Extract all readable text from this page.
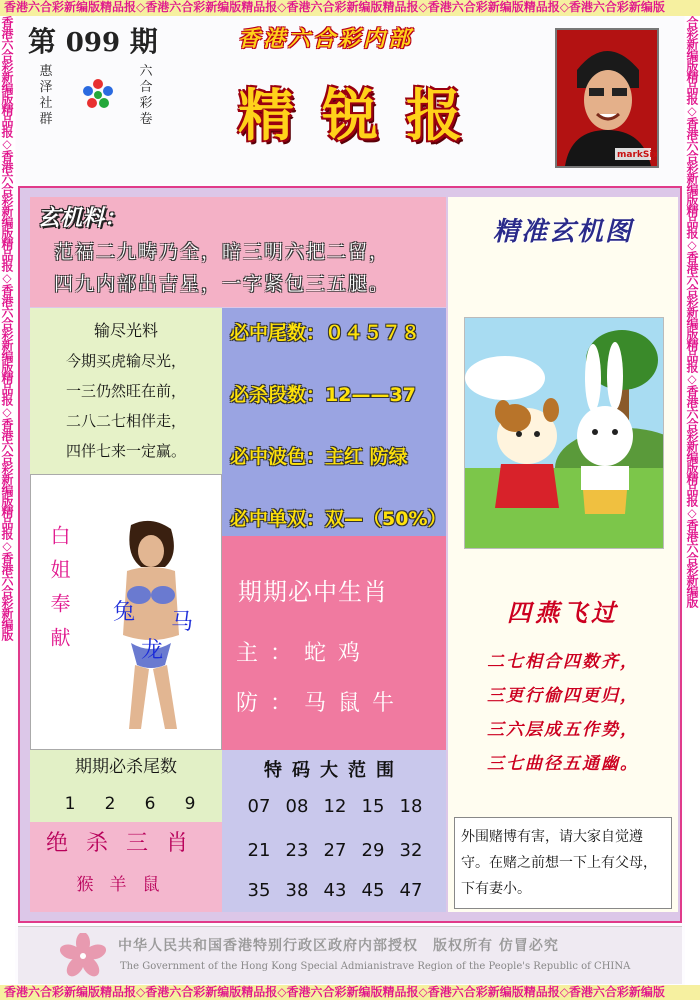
香港六合彩新编版精品报◇香港六合彩新编版精品报◇香港六合彩新编版精品报◇香港六合彩新编版精品报◇香港六合彩新编版
香港六合彩新编版精品报◇香港六合彩新编版精品报◇香港六合彩新编版精品报◇香港六合彩新编版精品报◇香港六合彩新编版
香港六合彩新编版精品报◇香港六合彩新编版精品报◇香港六合彩新编版精品报◇香港六合彩新编版精品报◇香港六合彩新编版	合彩新编版精品报◇香港六合彩新编版精品报◇香港六合彩新编版精品报◇香港六合彩新编版精品报◇香港六合彩新编版
第 099 期
惠泽社群
六合彩卷
香港六合彩内部
精锐报
markSix
玄机料：
范福二九畴乃全，暗三明六把二留，
四九内部出吉星，一字紧包三五腿。
输尽光料
今期买虎输尽光，
一三仍然旺在前，
二八二七相伴走，
四伴七来一定赢。
白姐奉献 兔 马
龙
必中尾数：０４５７８
必杀段数：12——37
必中波色：主红 防绿
必中单双：双—（50%）
期期必中生肖
主：蛇鸡
防：马鼠牛
期期必杀尾数
1 2 6 9
绝杀三肖
猴羊鼠
特码大范围
07 08 12 15 18
21 23 27 29 32
35 38 43 45 47
精准玄机图
四燕飞过
二七相合四数齐，
三更行偷四更归，
三六层成五作势，
三七曲径五通幽。
外围赌博有害，请大家自觉遵守。在赌之前想一下上有父母，下有妻小。
中华人民共和国香港特别行政区政府内部授权　版权所有 仿冒必究
The Government of the Hong Kong Special Admianistrave Region of the People's Republic of CHINA
